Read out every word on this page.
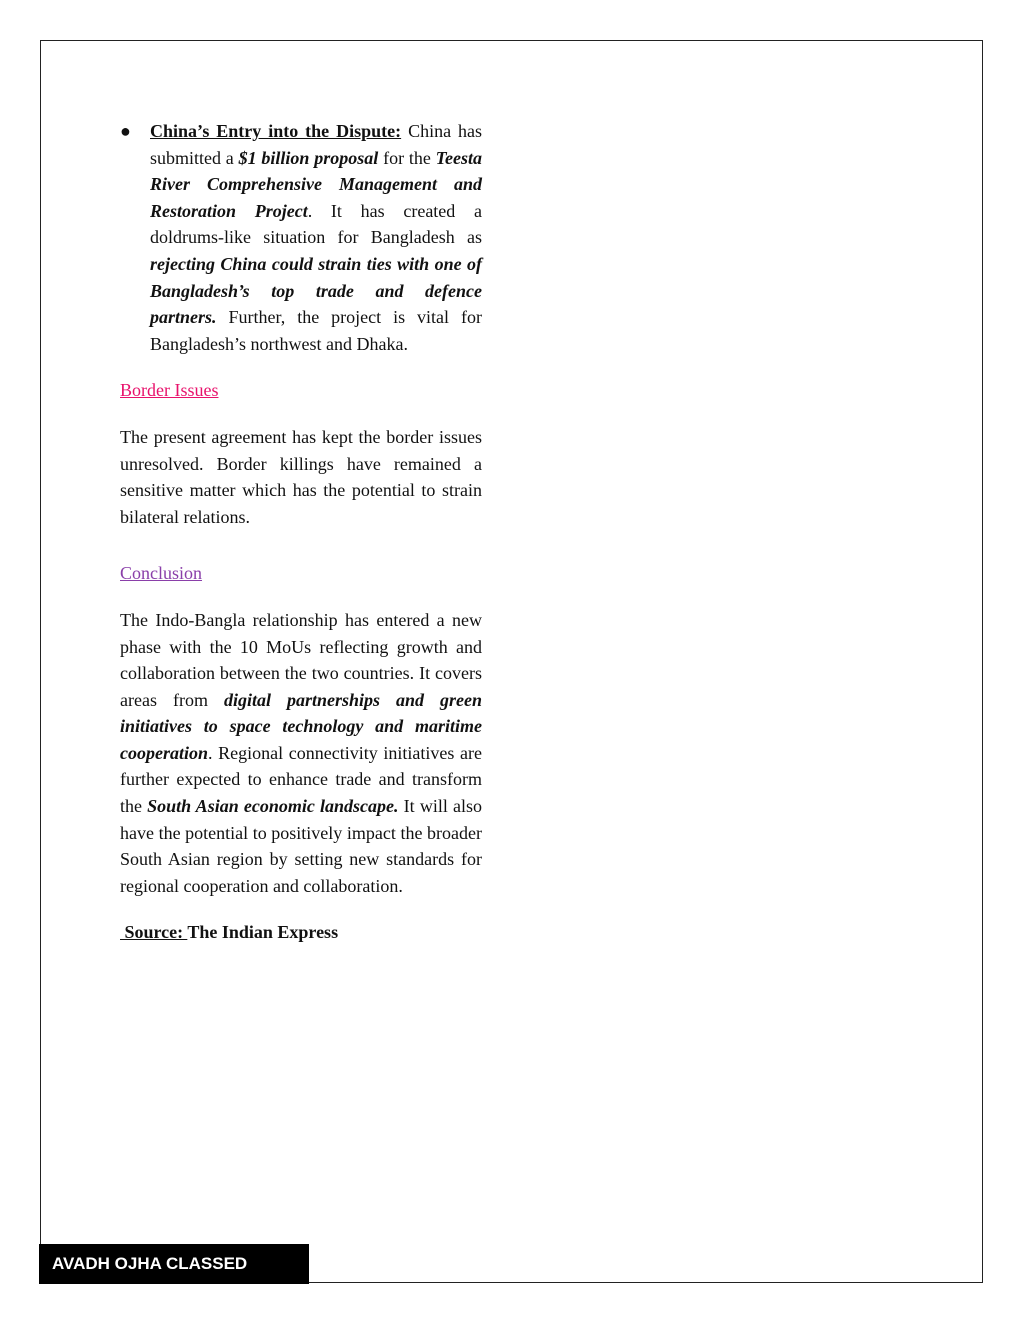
● China’s Entry into the Dispute: China has submitted a $1 billion proposal for the Teesta River Comprehensive Management and Restoration Project. It has created a doldrums-like situation for Bangladesh as rejecting China could strain ties with one of Bangladesh’s top trade and defence partners. Further, the project is vital for Bangladesh’s northwest and Dhaka.

Border Issues

The present agreement has kept the border issues unresolved. Border killings have remained a sensitive matter which has the potential to strain bilateral relations.

Conclusion

The Indo-Bangla relationship has entered a new phase with the 10 MoUs reflecting growth and collaboration between the two countries. It covers areas from digital partnerships and green initiatives to space technology and maritime cooperation. Regional connectivity initiatives are further expected to enhance trade and transform the South Asian economic landscape. It will also have the potential to positively impact the broader South Asian region by setting new standards for regional cooperation and collaboration.

Source: The Indian Express

AVADH OJHA CLASSED
